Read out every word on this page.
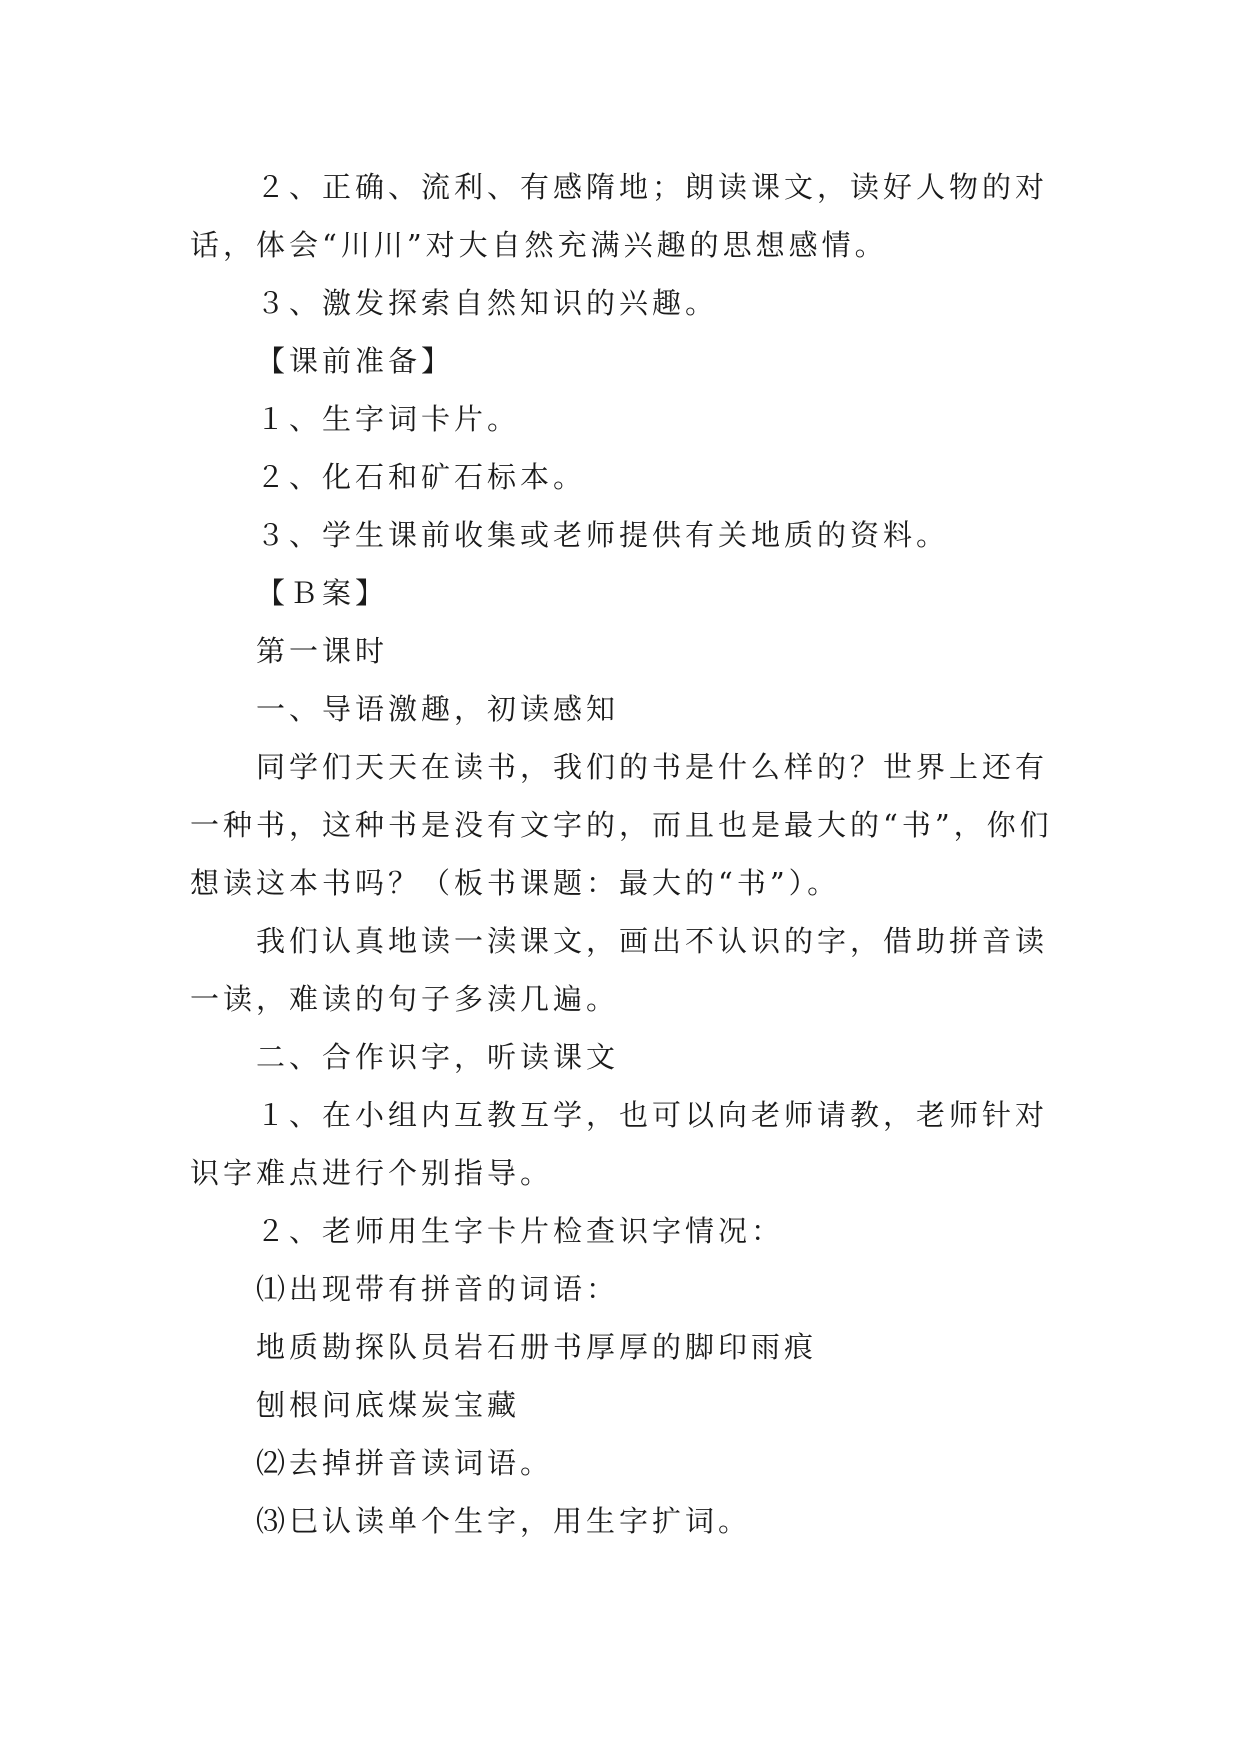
２、正确、流利、有感隋地；朗读课文，读好人物的对话，体会“川川”对大自然充满兴趣的思想感情。

３、激发探索自然知识的兴趣。

【课前准备】

１、生字词卡片。

２、化石和矿石标本。

３、学生课前收集或老师提供有关地质的资料。

【Ｂ案】

第一课时

一、导语激趣，初读感知

同学们天天在读书，我们的书是什么样的？世界上还有一种书，这种书是没有文字的，而且也是最大的“书”，你们想读这本书吗？（板书课题：最大的“书”）。

我们认真地读一渎课文，画出不认识的字，借助拼音读一读，难读的句子多渎几遍。

二、合作识字，听读课文

１、在小组内互教互学，也可以向老师请教，老师针对识字难点进行个别指导。

２、老师用生字卡片检查识字情况：

⑴出现带有拼音的词语：

地质勘探队员岩石册书厚厚的脚印雨痕

刨根问底煤炭宝藏

⑵去掉拼音读词语。

⑶巳认读单个生字，用生字扩词。
